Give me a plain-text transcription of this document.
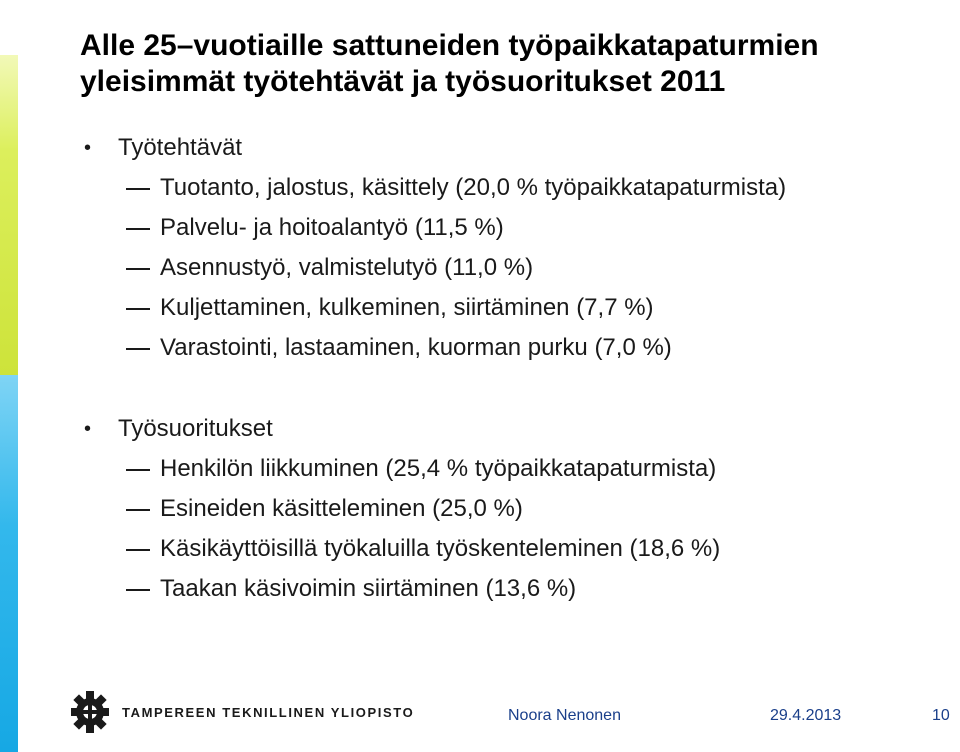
Alle 25–vuotiaille sattuneiden työpaikkatapaturmien
yleisimmät työtehtävät ja työsuoritukset 2011
• Työtehtävät
Tuotanto, jalostus, käsittely (20,0 % työpaikkatapaturmista)
Palvelu- ja hoitoalantyö (11,5 %)
Asennustyö, valmistelutyö (11,0 %)
Kuljettaminen, kulkeminen, siirtäminen (7,7 %)
Varastointi, lastaaminen, kuorman purku (7,0 %)
• Työsuoritukset
Henkilön liikkuminen (25,4 % työpaikkatapaturmista)
Esineiden käsitteleminen (25,0 %)
Käsikäyttöisillä työkaluilla työskenteleminen (18,6 %)
Taakan käsivoimin siirtäminen (13,6 %)
TAMPEREEN TEKNILLINEN YLIOPISTO	Noora Nenonen	29.4.2013	10
